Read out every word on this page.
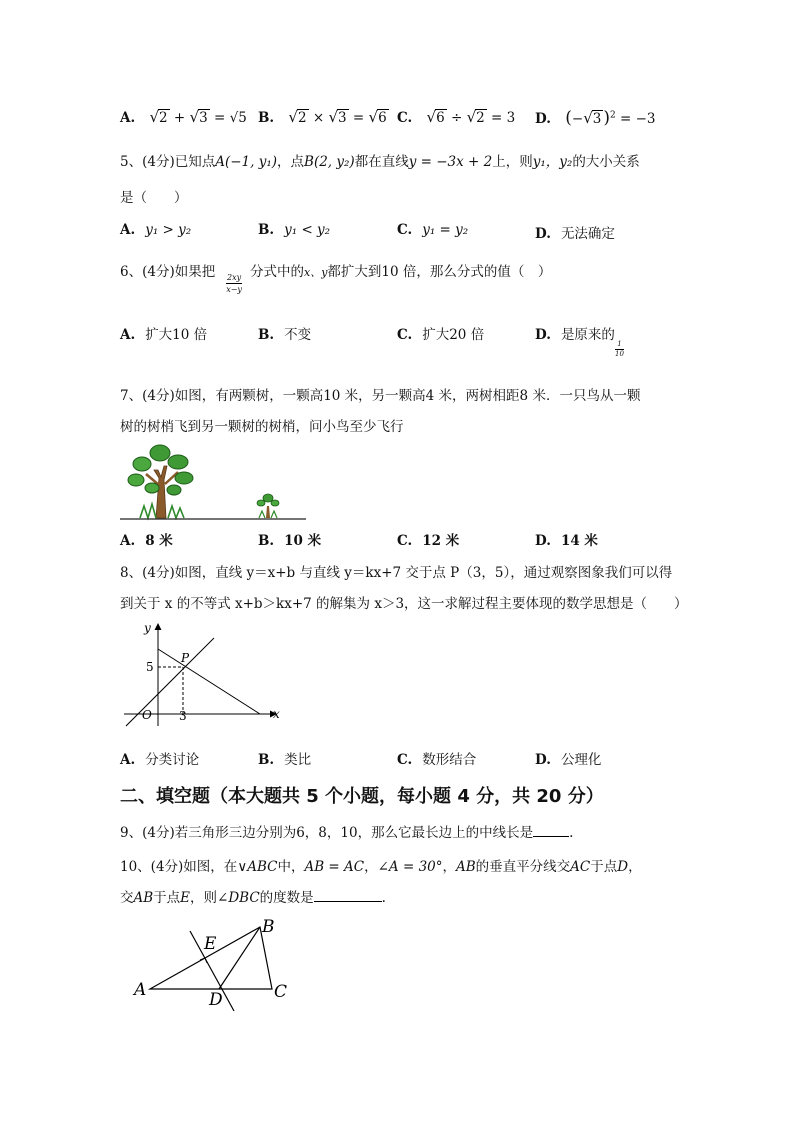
A. √2 + √3 = √5 B. √2 × √3 = √6 C. √6 ÷ √2 = 3 D. (−√3 )$^2$ = −3
5、(4分)已知点A(−1, y₁)，点B(2, y₂)都在直线y = −3x + 2上，则y₁，y₂的大小关系
是（　　）
A. y₁ > y₂	B. y₁ < y₂	C. y₁ = y₂	D. 无法确定
6、(4分)如果把 $\frac{2xy}{x-y}$ 分式中的x、y都扩大到10 倍，那么分式的值（　）
A. 扩大10 倍	B. 不变	C. 扩大20 倍	D. 是原来的
$\frac{1}{10}$
7、(4分)如图，有两颗树，一颗高10 米，另一颗高4 米，两树相距8 米．一只鸟从一颗
树的树梢飞到另一颗树的树梢，问小鸟至少飞行
A. 8 米	B. 10 米	C. 12 米	D. 14 米
8、(4分)如图，直线 y＝x+b 与直线 y＝kx+7 交于点 P（3，5），通过观察图象我们可以得
到关于 x 的不等式 x+b＞kx+7 的解集为 x＞3，这一求解过程主要体现的数学思想是（　　）
y
x
O
P
5
3
A. 分类讨论	B. 类比	C. 数形结合	D. 公理化
二、填空题（本大题共 5 个小题，每小题 4 分，共 20 分）
9、(4分)若三角形三边分别为6，8，10，那么它最长边上的中线长是	.
10、(4分)如图，在∨ABC中，AB = AC，∠A = 30°，AB的垂直平分线交AC于点D，
交AB于点E，则∠DBC的度数是	.
A
B
C
D
E
